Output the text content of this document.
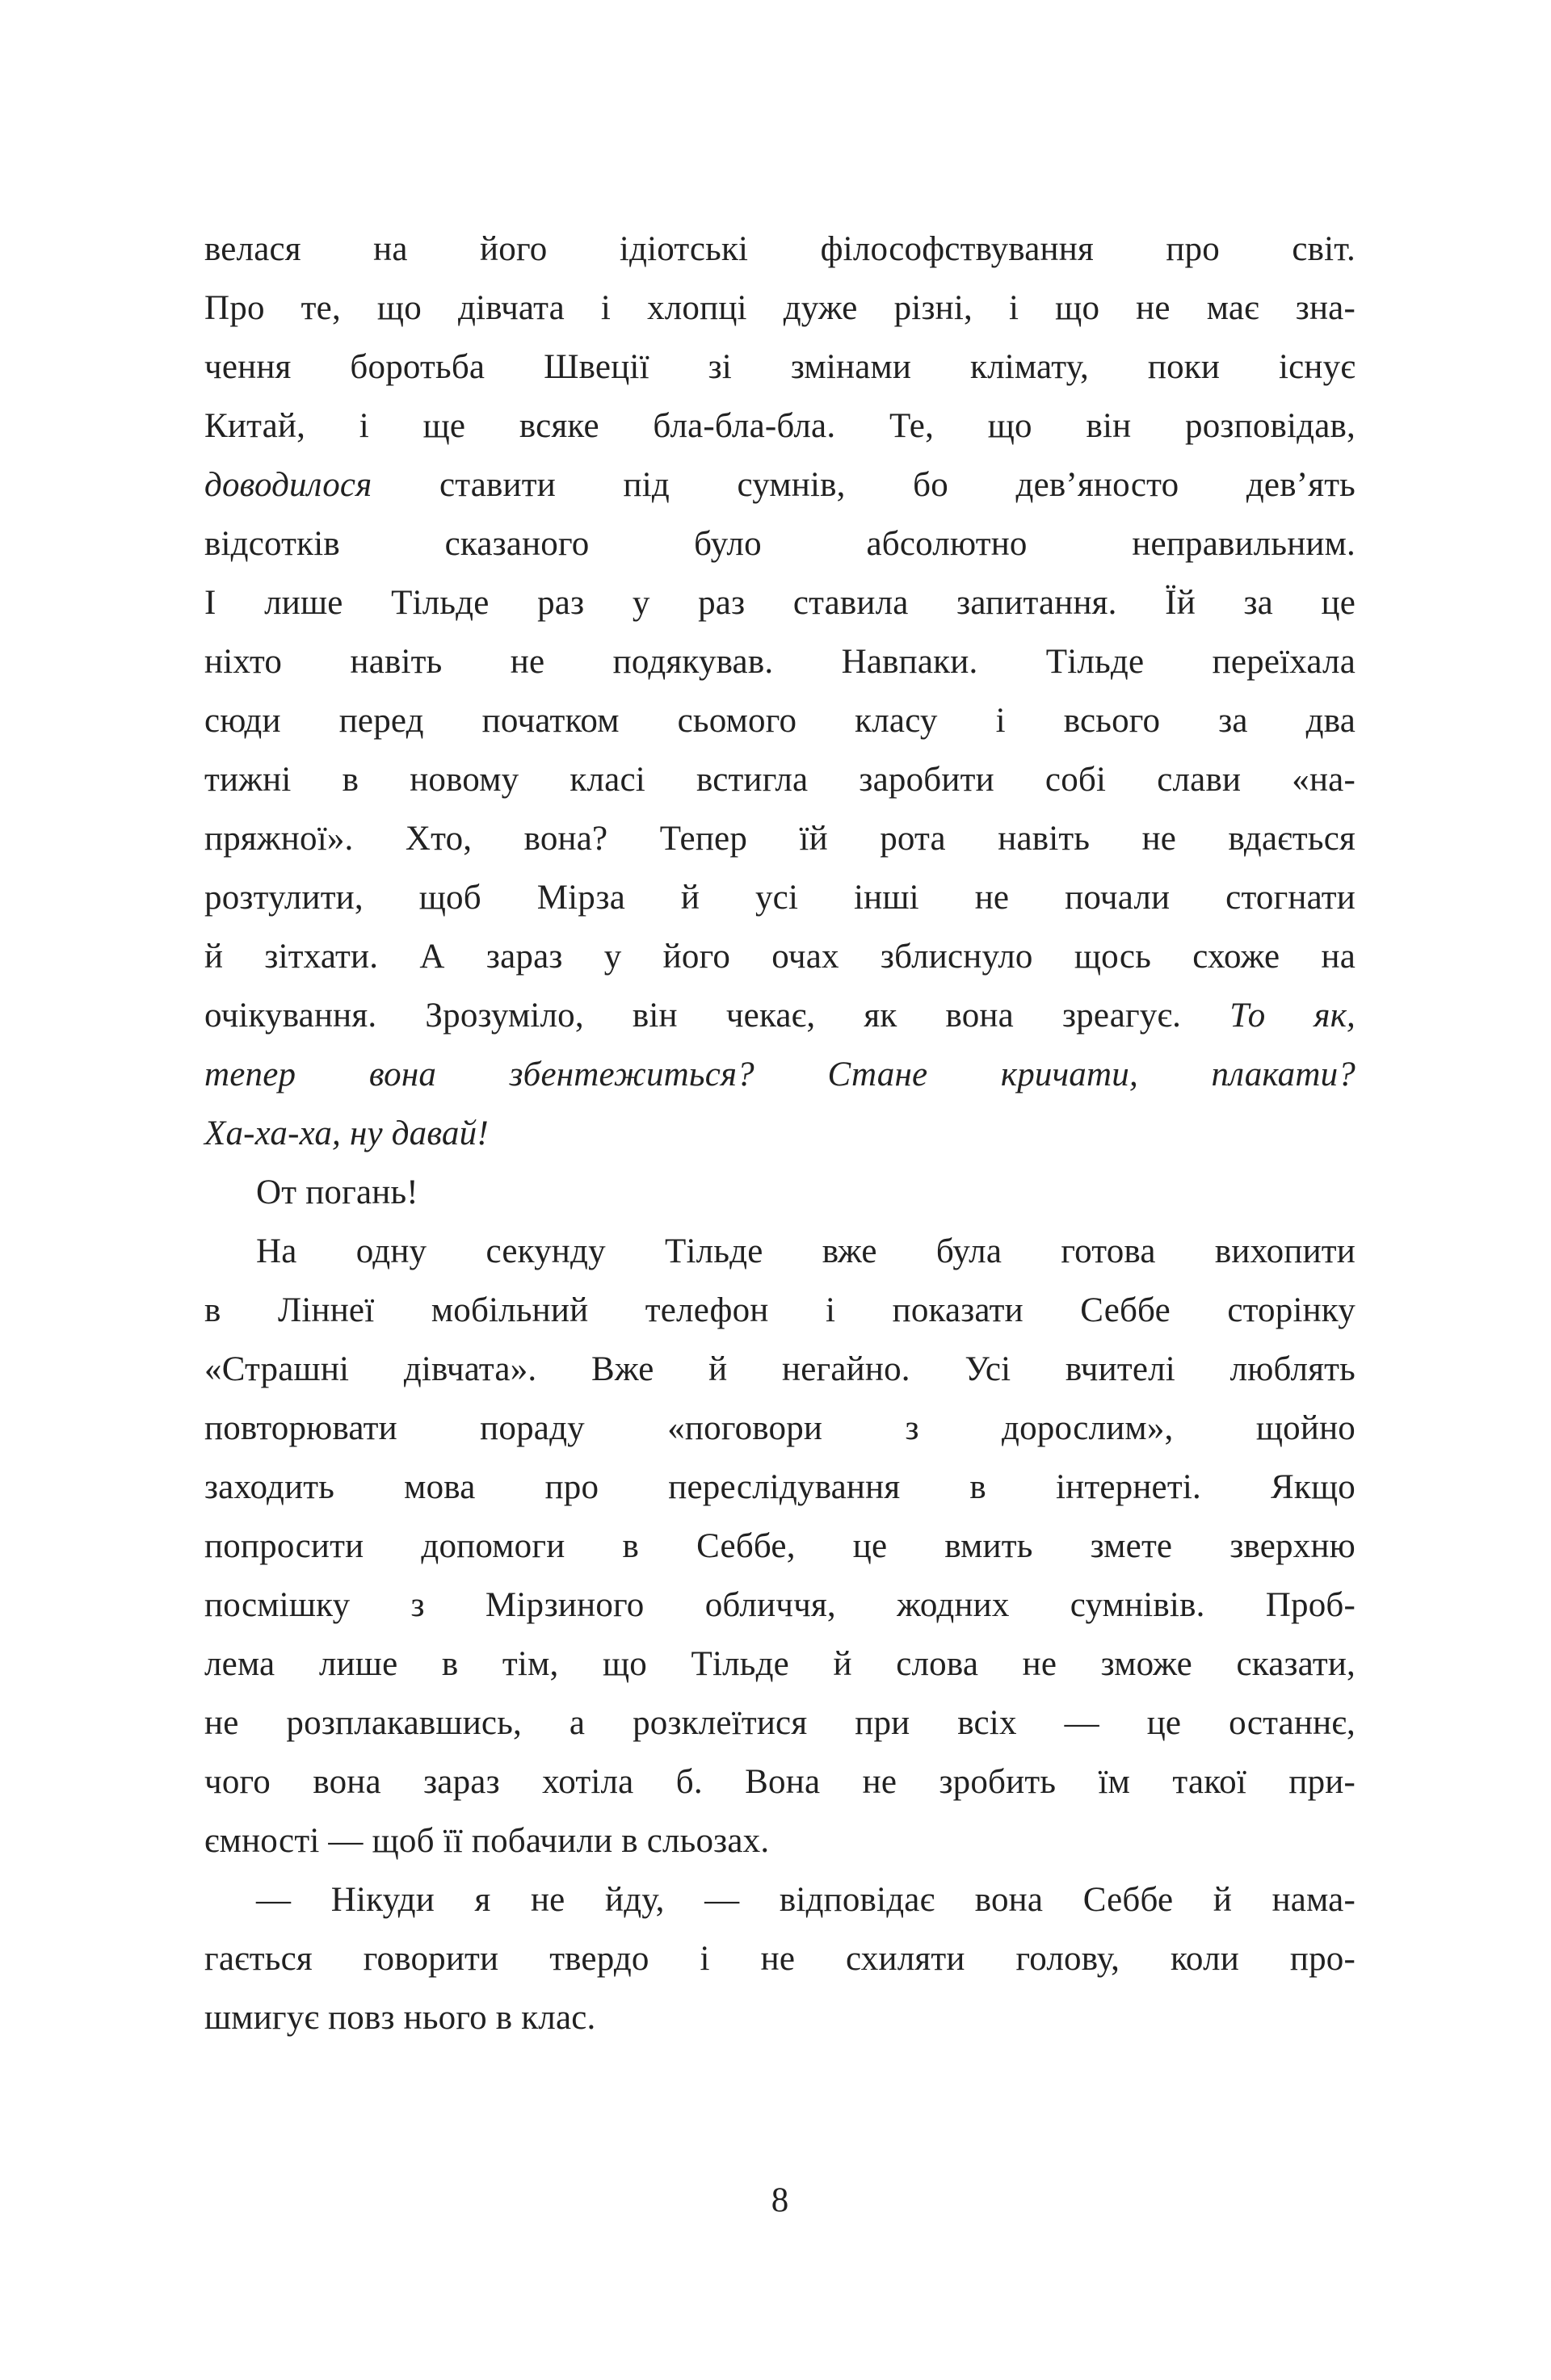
велася на його ідіотські філософствування про світ.
Про те, що дівчата і хлопці дуже різні, і що не має зна-
чення боротьба Швеції зі змінами клімату, поки існує
Китай, і ще всяке бла-бла-бла. Те, що він розповідав,
доводилося ставити під сумнів, бо дев’яносто дев’ять
відсотків сказаного було абсолютно неправильним.
І лише Тільде раз у раз ставила запитання. Їй за це
ніхто навіть не подякував. Навпаки. Тільде переїхала
сюди перед початком сьомого класу і всього за два
тижні в новому класі встигла заробити собі слави «на-
пряжної». Хто, вона? Тепер їй рота навіть не вдається
розтулити, щоб Мірза й усі інші не почали стогнати
й зітхати. А зараз у його очах зблиснуло щось схоже на
очікування. Зрозуміло, він чекає, як вона зреагує. То як,
тепер вона збентежиться? Стане кричати, плакати?
Ха-ха-ха, ну давай!
От погань!
На одну секунду Тільде вже була готова вихопити
в Ліннеї мобільний телефон і показати Себбе сторінку
«Страшні дівчата». Вже й негайно. Усі вчителі люблять
повторювати пораду «поговори з дорослим», щойно
заходить мова про переслідування в інтернеті. Якщо
попросити допомоги в Себбе, це вмить змете зверхню
посмішку з Мірзиного обличчя, жодних сумнівів. Проб-
лема лише в тім, що Тільде й слова не зможе сказати,
не розплакавшись, а розклеїтися при всіх — це останнє,
чого вона зараз хотіла б. Вона не зробить їм такої при-
ємності — щоб її побачили в сльозах.
— Нікуди я не йду, — відповідає вона Себбе й нама-
гається говорити твердо і не схиляти голову, коли про-
шмигує повз нього в клас.
8
